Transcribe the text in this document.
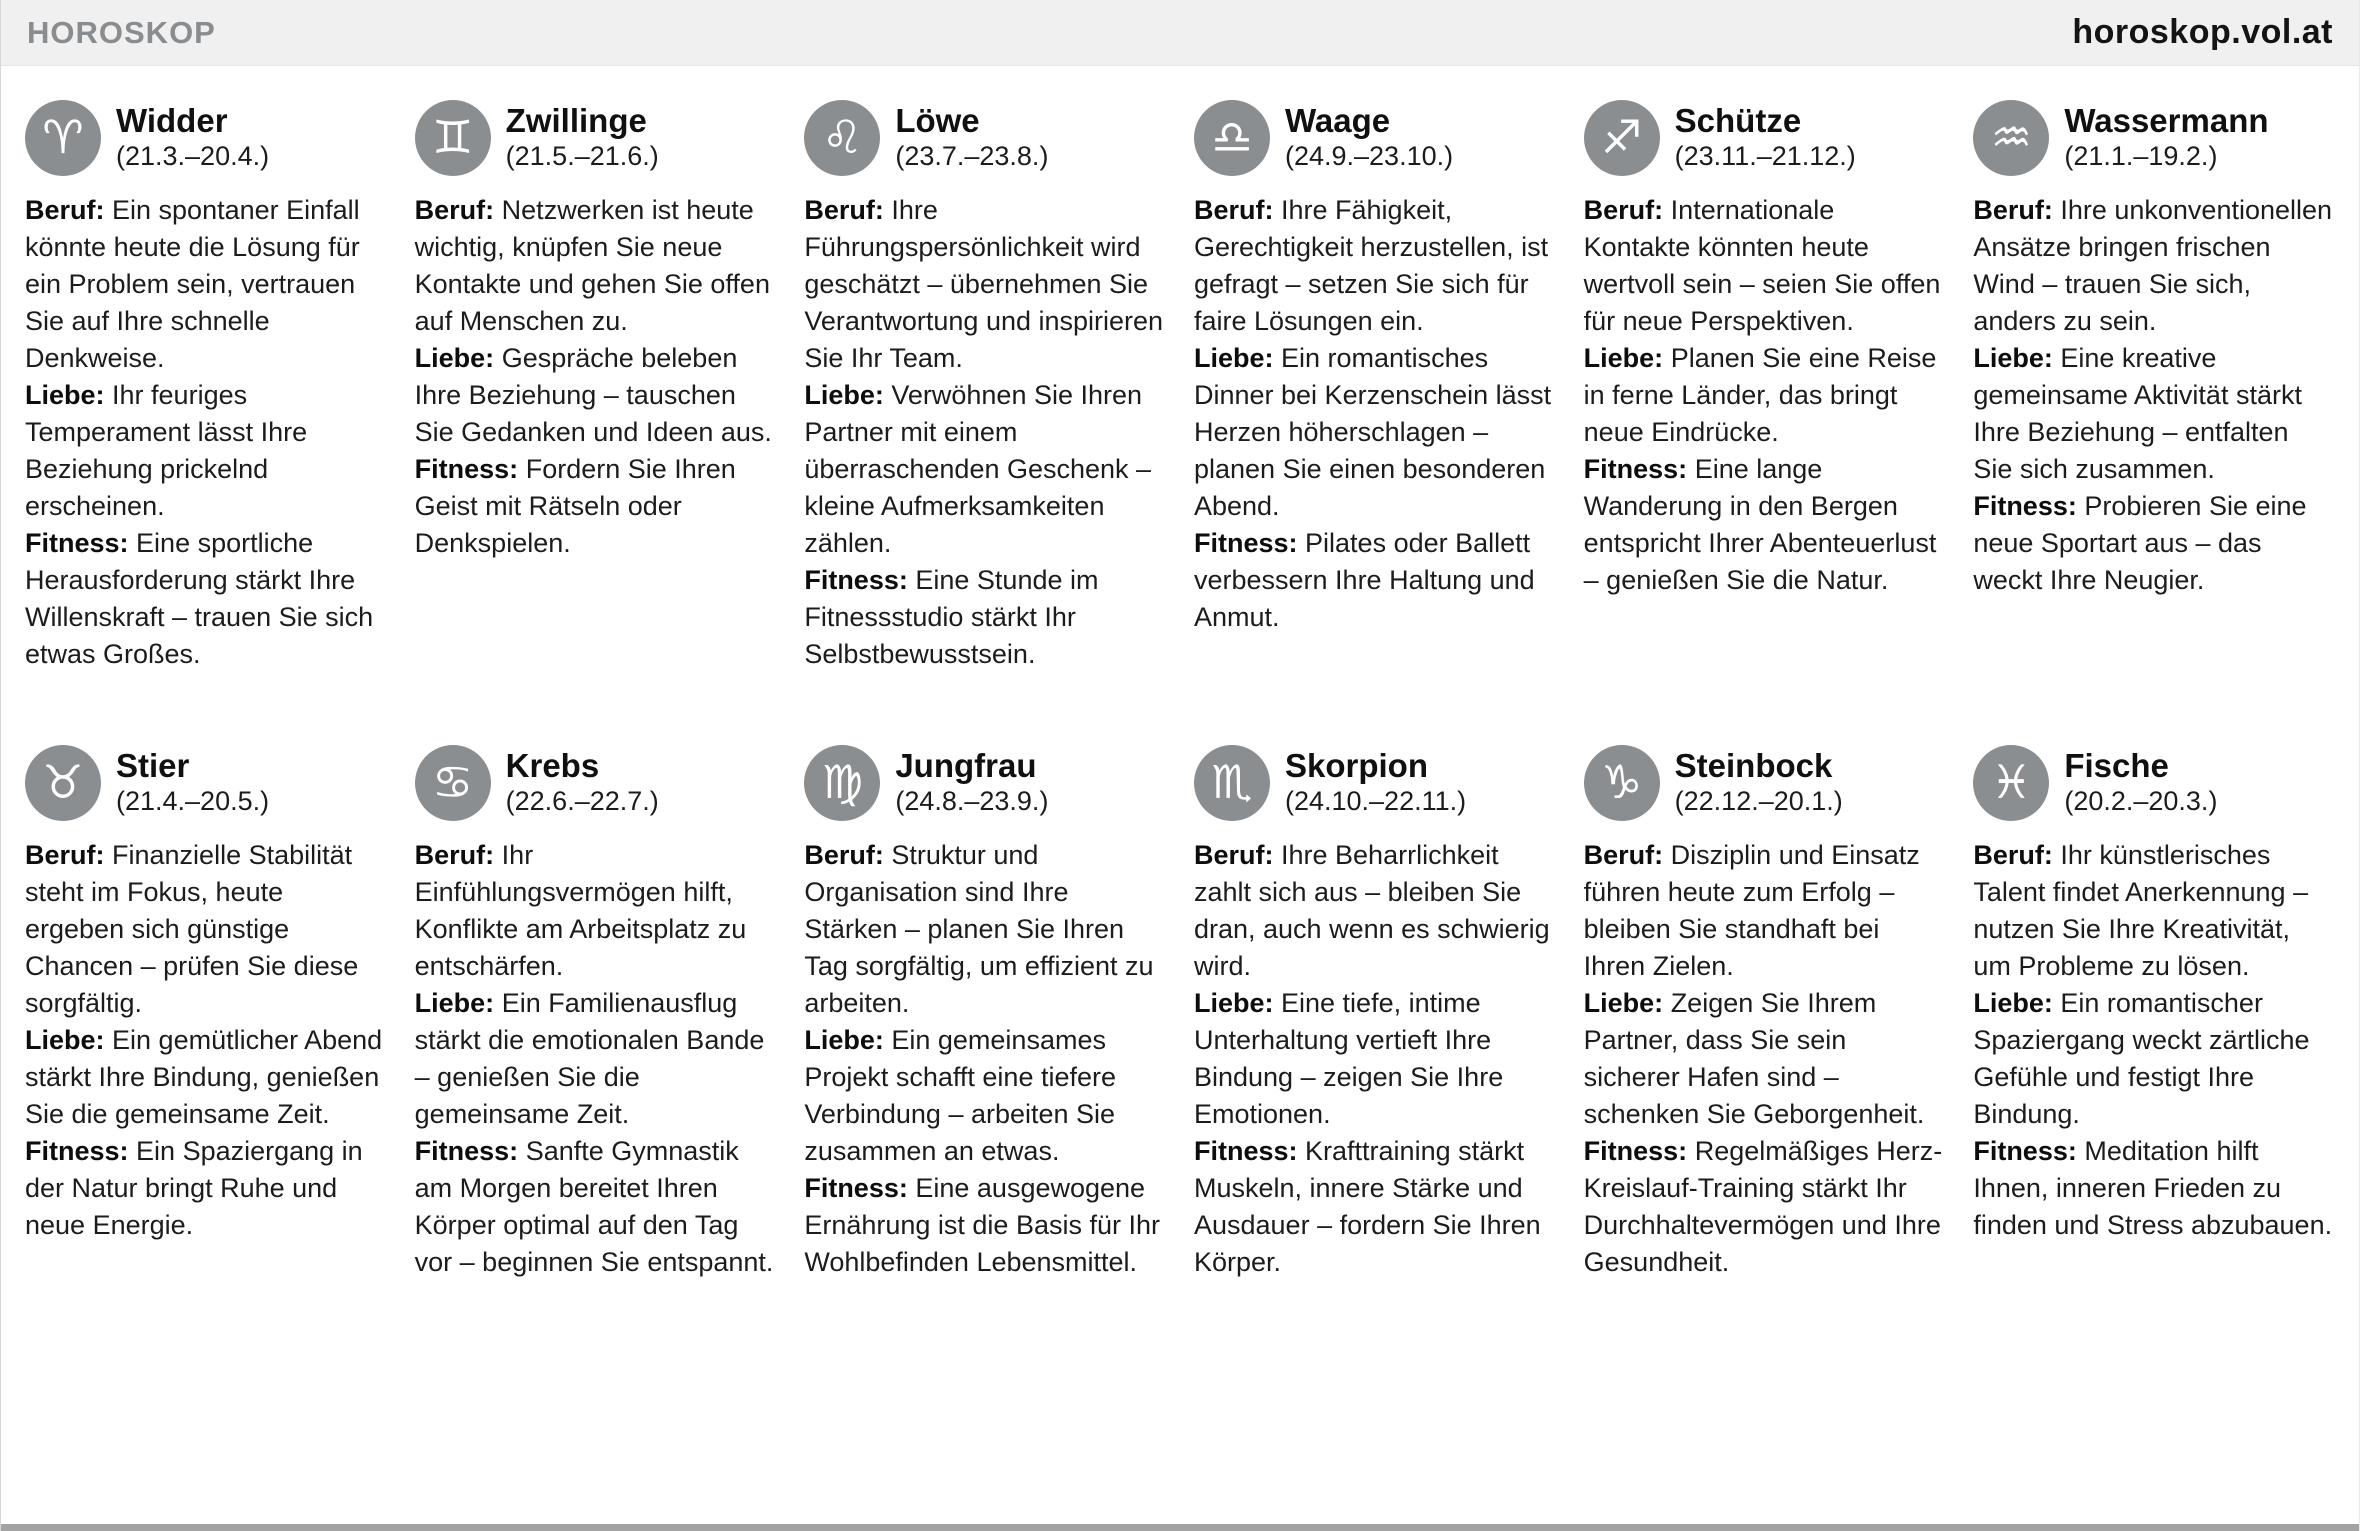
HOROSKOP	horoskop.vol.at
♈ Widder
(21.3.–20.4.)

Beruf: Ein spontaner Einfall könnte heute die Lösung für ein Problem sein, vertrauen Sie auf Ihre schnelle Denkweise.

Liebe: Ihr feuriges Temperament lässt Ihre Beziehung prickelnd erscheinen.

Fitness: Eine sportliche Herausforderung stärkt Ihre Willenskraft – trauen Sie sich etwas Großes.

♊ Zwillinge
(21.5.–21.6.)

Beruf: Netzwerken ist heute wichtig, knüpfen Sie neue Kontakte und gehen Sie offen auf Menschen zu.

Liebe: Gespräche beleben Ihre Beziehung – tauschen Sie Gedanken und Ideen aus.

Fitness: Fordern Sie Ihren Geist mit Rätseln oder Denkspielen.

♌ Löwe
(23.7.–23.8.)

Beruf: Ihre Führungspersönlichkeit wird geschätzt – übernehmen Sie Verantwortung und inspirieren Sie Ihr Team.

Liebe: Verwöhnen Sie Ihren Partner mit einem überraschenden Geschenk – kleine Aufmerksamkeiten zählen.

Fitness: Eine Stunde im Fitnessstudio stärkt Ihr Selbstbewusstsein.

♎ Waage
(24.9.–23.10.)

Beruf: Ihre Fähigkeit, Gerechtigkeit herzustellen, ist gefragt – setzen Sie sich für faire Lösungen ein.

Liebe: Ein romantisches Dinner bei Kerzenschein lässt Herzen höherschlagen – planen Sie einen besonderen Abend.

Fitness: Pilates oder Ballett verbessern Ihre Haltung und Anmut.

♐ Schütze
(23.11.–21.12.)

Beruf: Internationale Kontakte könnten heute wertvoll sein – seien Sie offen für neue Perspektiven.

Liebe: Planen Sie eine Reise in ferne Länder, das bringt neue Eindrücke.

Fitness: Eine lange Wanderung in den Bergen entspricht Ihrer Abenteuerlust – genießen Sie die Natur.

♒ Wassermann
(21.1.–19.2.)

Beruf: Ihre unkonventionellen Ansätze bringen frischen Wind – trauen Sie sich, anders zu sein.

Liebe: Eine kreative gemeinsame Aktivität stärkt Ihre Beziehung – entfalten Sie sich zusammen.

Fitness: Probieren Sie eine neue Sportart aus – das weckt Ihre Neugier.

♉ Stier
(21.4.–20.5.)

Beruf: Finanzielle Stabilität steht im Fokus, heute ergeben sich günstige Chancen – prüfen Sie diese sorgfältig.

Liebe: Ein gemütlicher Abend stärkt Ihre Bindung, genießen Sie die gemeinsame Zeit.

Fitness: Ein Spaziergang in der Natur bringt Ruhe und neue Energie.

♋ Krebs
(22.6.–22.7.)

Beruf: Ihr Einfühlungsvermögen hilft, Konflikte am Arbeitsplatz zu entschärfen.

Liebe: Ein Familienausflug stärkt die emotionalen Bande – genießen Sie die gemeinsame Zeit.

Fitness: Sanfte Gymnastik am Morgen bereitet Ihren Körper optimal auf den Tag vor – beginnen Sie entspannt.

♍ Jungfrau
(24.8.–23.9.)

Beruf: Struktur und Organisation sind Ihre Stärken – planen Sie Ihren Tag sorgfältig, um effizient zu arbeiten.

Liebe: Ein gemeinsames Projekt schafft eine tiefere Verbindung – arbeiten Sie zusammen an etwas.

Fitness: Eine ausgewogene Ernährung ist die Basis für Ihr Wohlbefinden Lebensmittel.

♏ Skorpion
(24.10.–22.11.)

Beruf: Ihre Beharrlichkeit zahlt sich aus – bleiben Sie dran, auch wenn es schwierig wird.

Liebe: Eine tiefe, intime Unterhaltung vertieft Ihre Bindung – zeigen Sie Ihre Emotionen.

Fitness: Krafttraining stärkt Muskeln, innere Stärke und Ausdauer – fordern Sie Ihren Körper.

♑ Steinbock
(22.12.–20.1.)

Beruf: Disziplin und Einsatz führen heute zum Erfolg – bleiben Sie standhaft bei Ihren Zielen.

Liebe: Zeigen Sie Ihrem Partner, dass Sie sein sicherer Hafen sind – schenken Sie Geborgenheit.

Fitness: Regelmäßiges Herz-Kreislauf-Training stärkt Ihr Durchhaltevermögen und Ihre Gesundheit.

♓ Fische
(20.2.–20.3.)

Beruf: Ihr künstlerisches Talent findet Anerkennung – nutzen Sie Ihre Kreativität, um Probleme zu lösen.

Liebe: Ein romantischer Spaziergang weckt zärtliche Gefühle und festigt Ihre Bindung.

Fitness: Meditation hilft Ihnen, inneren Frieden zu finden und Stress abzubauen.
